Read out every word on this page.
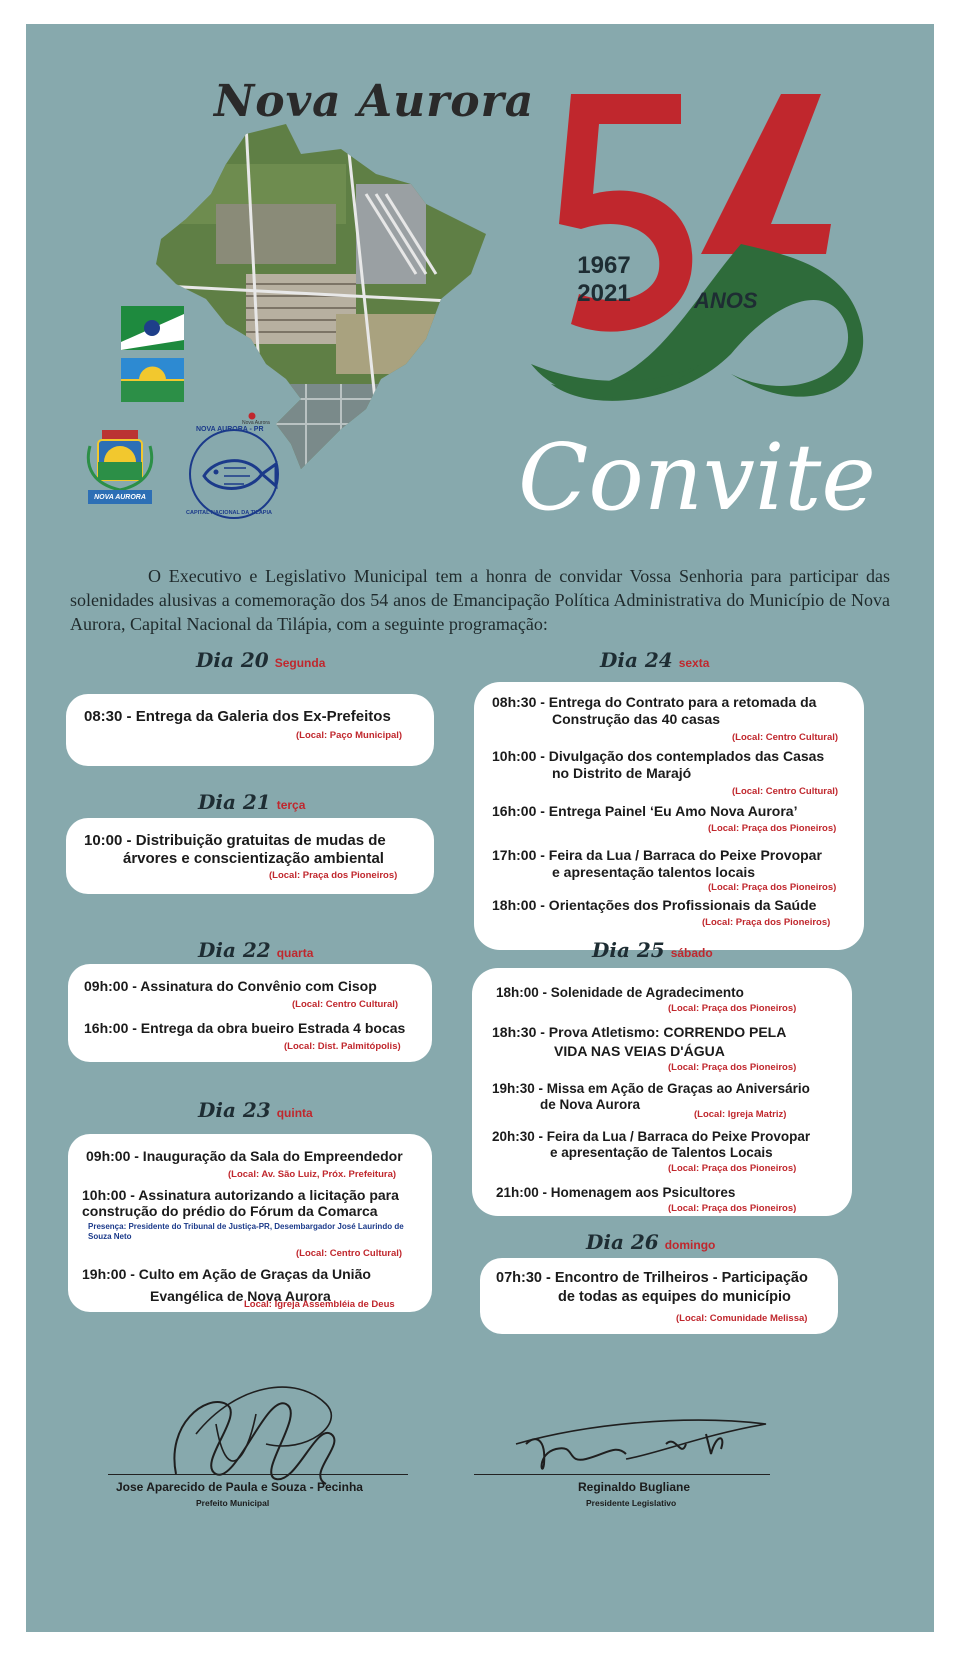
Nova Aurora
Nova Aurora
NOVA AURORA
NOVA AURORA - PR
CAPITAL NACIONAL DA TILÁPIA
1967
2021	ANOS
Convite
O Executivo e Legislativo Municipal tem a honra de convidar Vossa Senhoria para participar das solenidades alusivas a comemoração dos 54 anos de Emancipação Política Administrativa do Município de Nova Aurora, Capital Nacional da Tilápia, com a seguinte programação:
Dia 20 Segunda
08:30 - Entrega da Galeria dos Ex-Prefeitos
(Local: Paço Municipal)
Dia 21 terça
10:00 - Distribuição gratuitas de mudas de
árvores e conscientização ambiental
(Local: Praça dos Pioneiros)
Dia 22 quarta
09h:00 - Assinatura do Convênio com Cisop
(Local: Centro Cultural)
16h:00 - Entrega da obra bueiro Estrada 4 bocas
(Local: Dist. Palmitópolis)
Dia 23 quinta
09h:00 - Inauguração da Sala do Empreendedor
(Local: Av. São Luiz, Próx. Prefeitura)
10h:00 - Assinatura autorizando a licitação para
construção do prédio do Fórum da Comarca
Presença: Presidente do Tribunal de Justiça-PR, Desembargador José Laurindo de Souza Neto
(Local: Centro Cultural)
19h:00 - Culto em Ação de Graças da União
Evangélica de Nova Aurora
Local: Igreja Assembléia de Deus
Dia 24 sexta
08h:30 - Entrega do Contrato para a retomada da
Construção das 40 casas
(Local: Centro Cultural)
10h:00 - Divulgação dos contemplados das Casas
no Distrito de Marajó
(Local: Centro Cultural)
16h:00 - Entrega Painel ‘Eu Amo Nova Aurora’
(Local: Praça dos Pioneiros)
17h:00 - Feira da Lua / Barraca do Peixe Provopar
e apresentação talentos locais
(Local: Praça dos Pioneiros)
18h:00 - Orientações dos Profissionais da Saúde
(Local: Praça dos Pioneiros)
Dia 25 sábado
18h:00 - Solenidade de Agradecimento
(Local: Praça dos Pioneiros)
18h:30 - Prova Atletismo: CORRENDO PELA
VIDA NAS VEIAS D'ÁGUA
(Local: Praça dos Pioneiros)
19h:30 - Missa em Ação de Graças ao Aniversário
de Nova Aurora
(Local: Igreja Matriz)
20h:30 - Feira da Lua / Barraca do Peixe Provopar
e apresentação de Talentos Locais
(Local: Praça dos Pioneiros)
21h:00 - Homenagem aos Psicultores
(Local: Praça dos Pioneiros)
Dia 26 domingo
07h:30 - Encontro de Trilheiros - Participação
de todas as equipes do município
(Local: Comunidade Melissa)
Jose Aparecido de Paula e Souza - Pecinha
Prefeito Municipal
Reginaldo Bugliane
Presidente Legislativo
